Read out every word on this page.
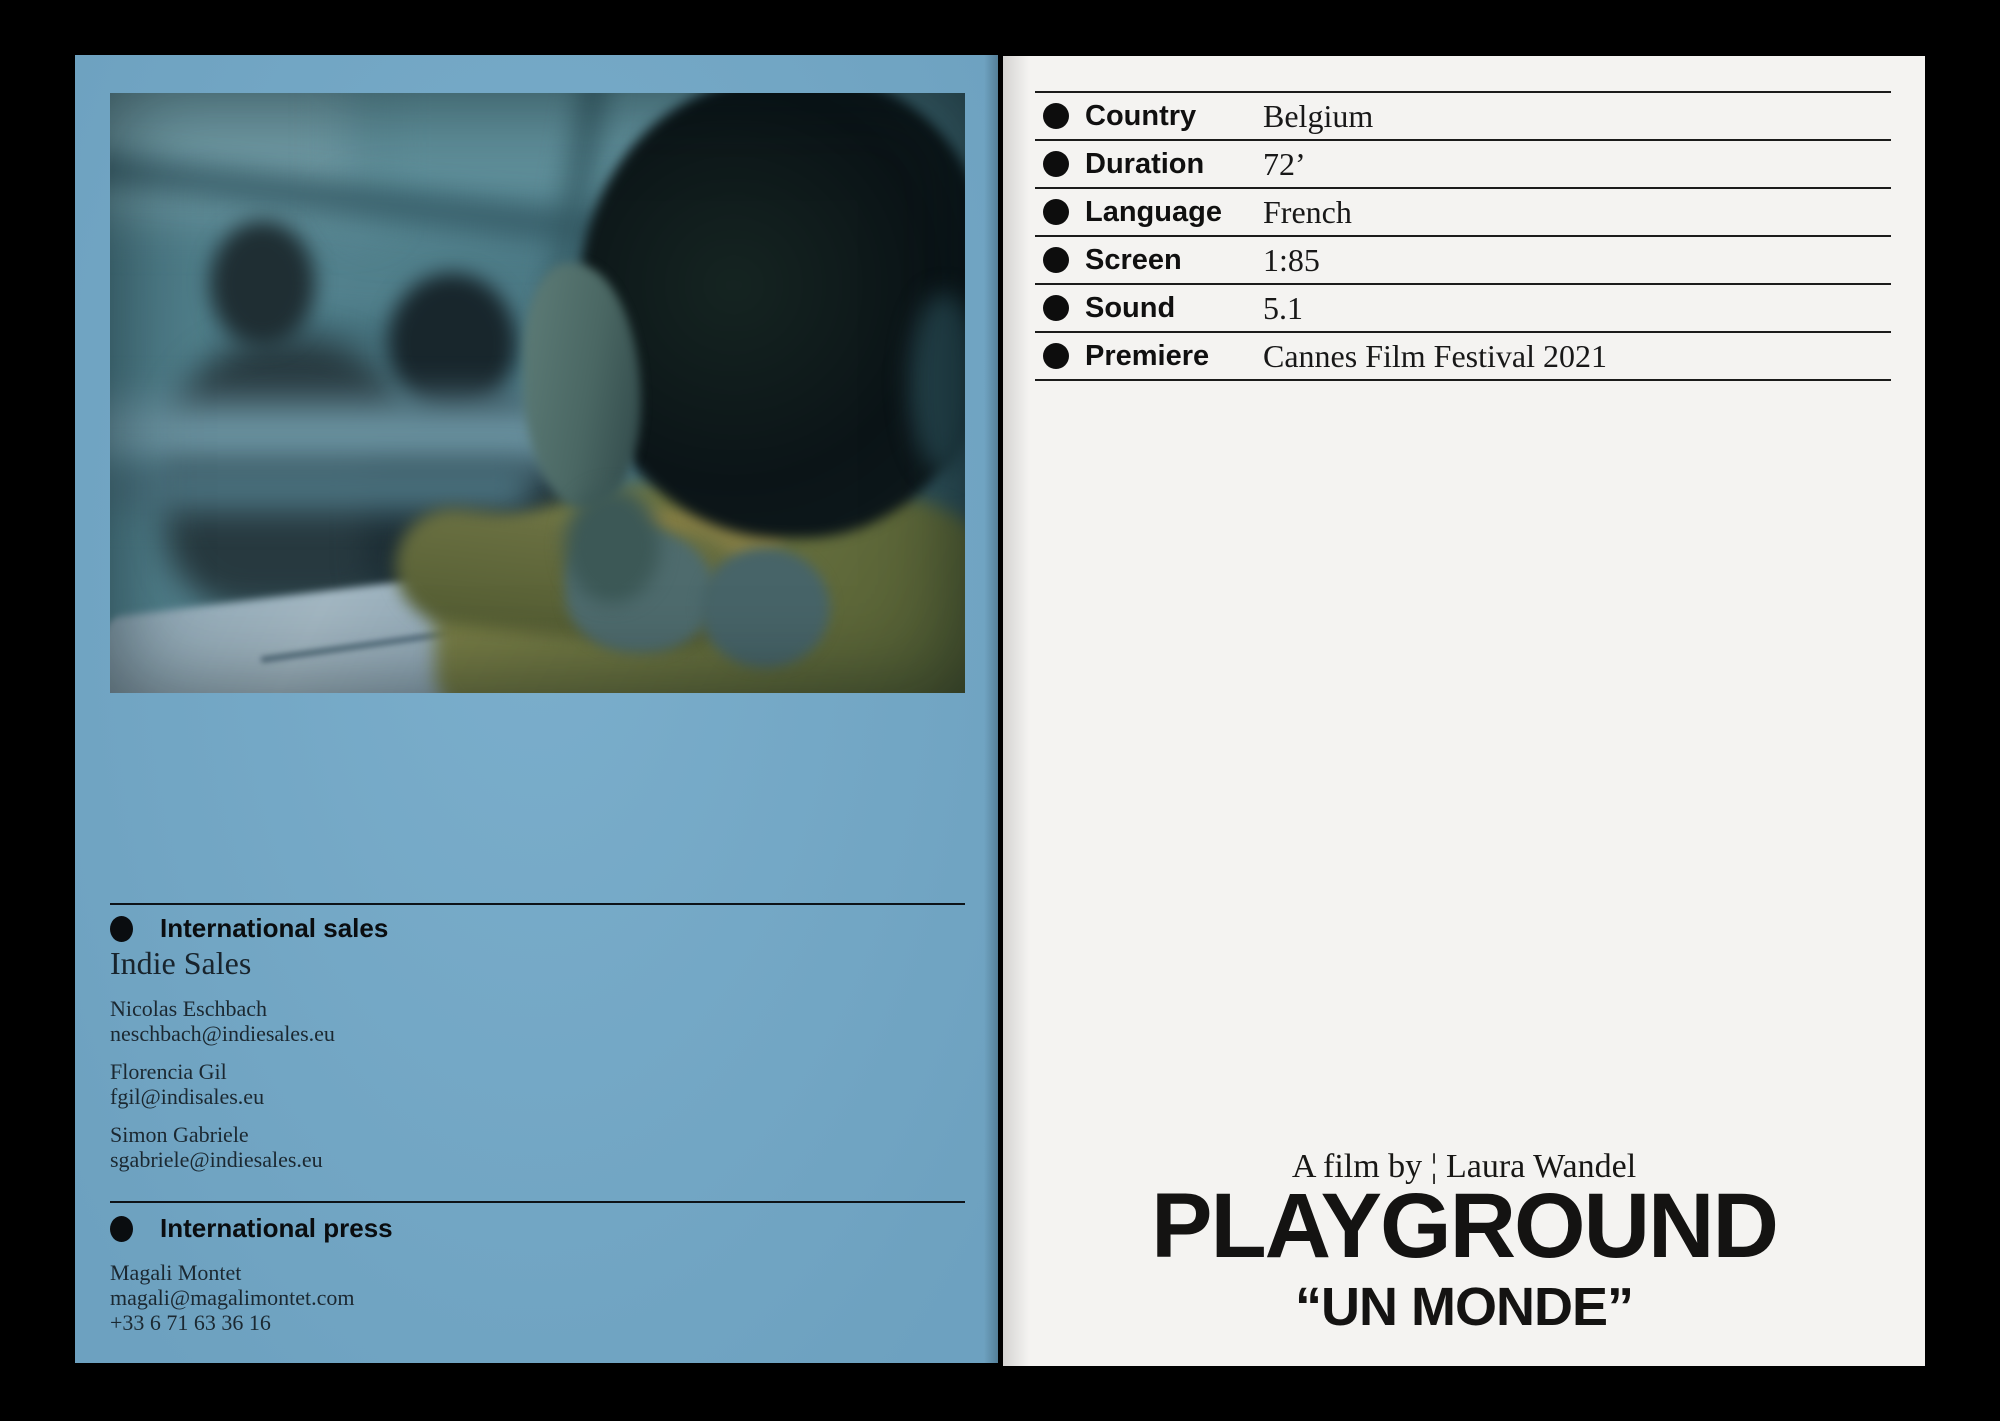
International sales
Indie Sales
Nicolas Eschbach
neschbach@indiesales.eu
Florencia Gil
fgil@indisales.eu
Simon Gabriele
sgabriele@indiesales.eu
International press
Magali Montet
magali@magalimontet.com
+33 6 71 63 36 16
Country	Belgium
Duration	72’
Language	French
Screen	1:85
Sound	5.1
Premiere	Cannes Film Festival 2021
A film by ¦ Laura Wandel
PLAYGROUND
“UN MONDE”
